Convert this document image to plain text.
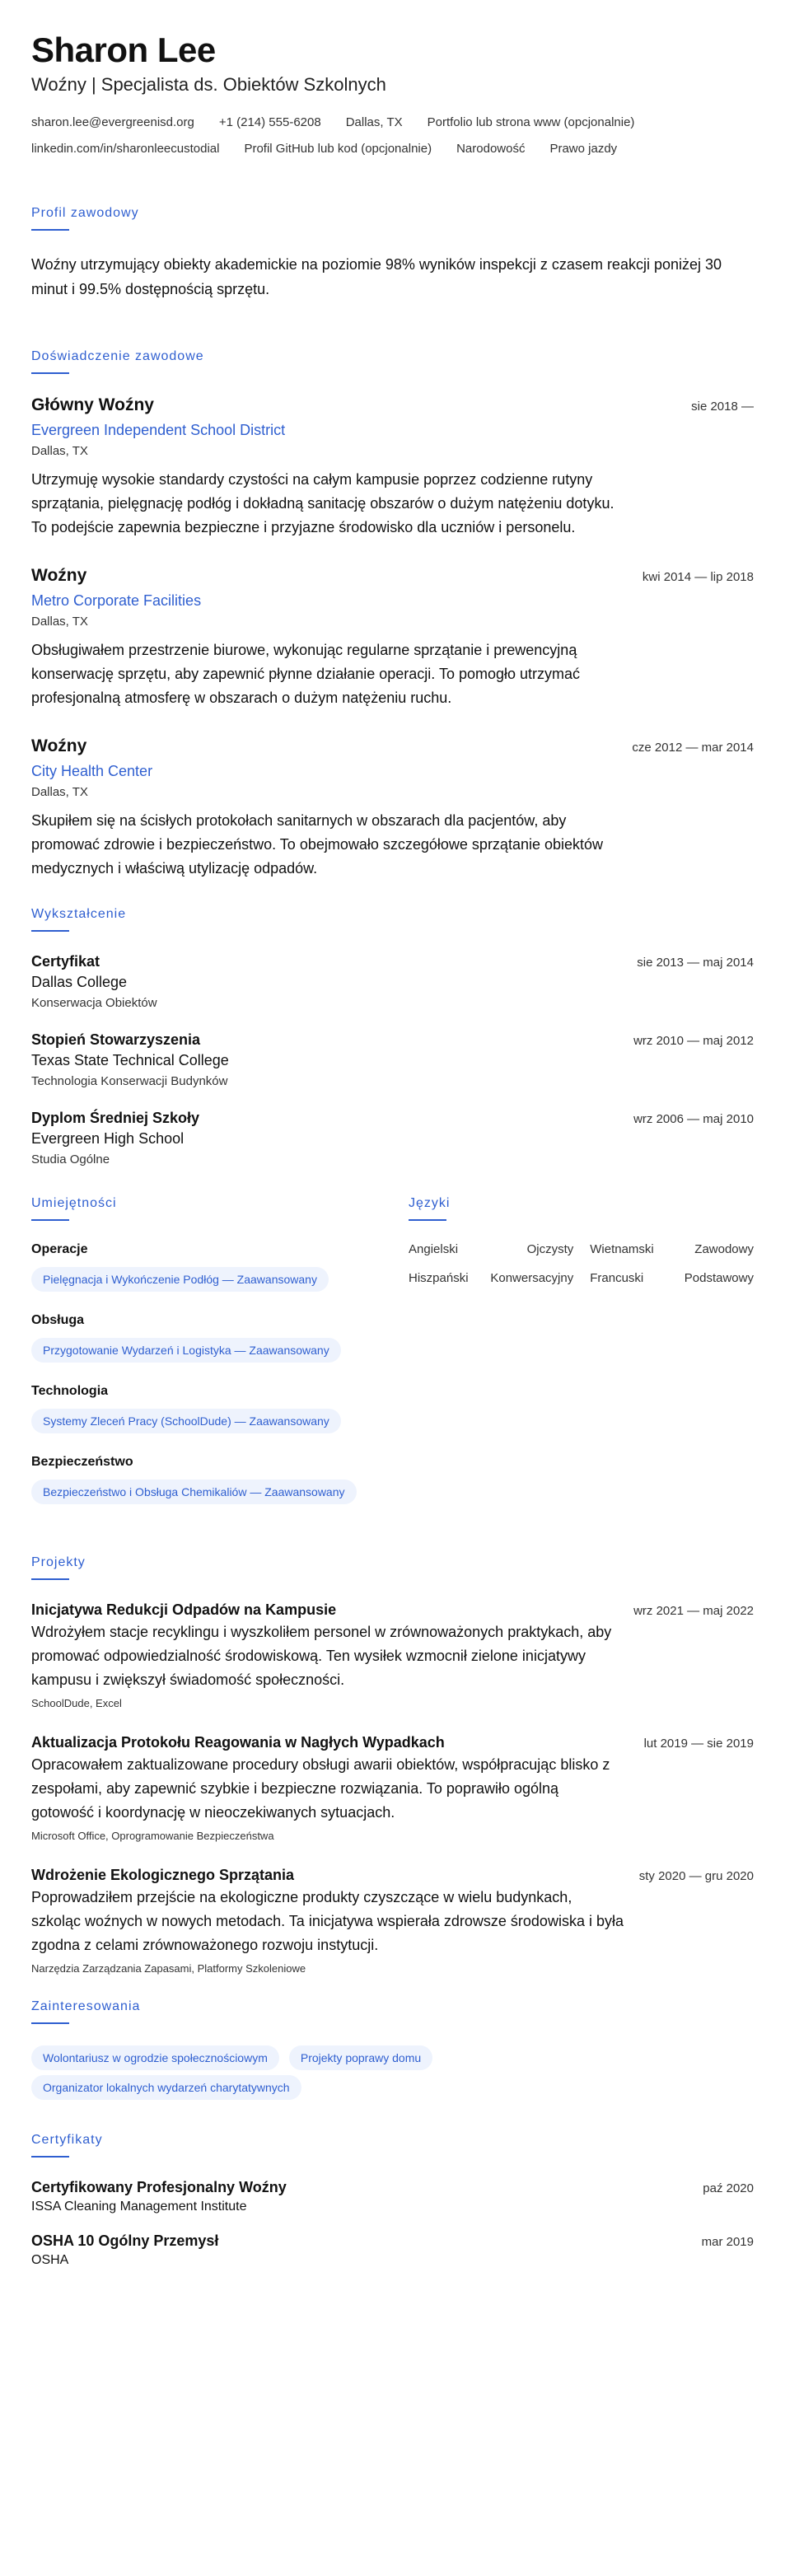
Sharon Lee
Woźny | Specjalista ds. Obiektów Szkolnych
sharon.lee@evergreenisd.org +1 (214) 555-6208 Dallas, TX Portfolio lub strona www (opcjonalnie)
linkedin.com/in/sharonleecustodial Profil GitHub lub kod (opcjonalnie) Narodowość Prawo jazdy
Profil zawodowy

Woźny utrzymujący obiekty akademickie na poziomie 98% wyników inspekcji z czasem reakcji poniżej 30 minut i 99.5% dostępnością sprzętu.

Doświadczenie zawodowe
Główny Woźny	sie 2018 —
Evergreen Independent School District
Dallas, TX

Utrzymuję wysokie standardy czystości na całym kampusie poprzez codzienne rutyny sprzątania, pielęgnację podłóg i dokładną sanitację obszarów o dużym natężeniu dotyku. To podejście zapewnia bezpieczne i przyjazne środowisko dla uczniów i personelu.

Woźny	kwi 2014 — lip 2018
Metro Corporate Facilities
Dallas, TX

Obsługiwałem przestrzenie biurowe, wykonując regularne sprzątanie i prewencyjną konserwację sprzętu, aby zapewnić płynne działanie operacji. To pomogło utrzymać profesjonalną atmosferę w obszarach o dużym natężeniu ruchu.

Woźny	cze 2012 — mar 2014
City Health Center
Dallas, TX

Skupiłem się na ścisłych protokołach sanitarnych w obszarach dla pacjentów, aby promować zdrowie i bezpieczeństwo. To obejmowało szczegółowe sprzątanie obiektów medycznych i właściwą utylizację odpadów.

Wykształcenie
Certyfikat	sie 2013 — maj 2014
Dallas College
Konserwacja Obiektów
Stopień Stowarzyszenia	wrz 2010 — maj 2012
Texas State Technical College
Technologia Konserwacji Budynków
Dyplom Średniej Szkoły	wrz 2006 — maj 2010
Evergreen High School
Studia Ogólne
Umiejętności
Operacje
Pielęgnacja i Wykończenie Podłóg — Zaawansowany
Obsługa
Przygotowanie Wydarzeń i Logistyka — Zaawansowany
Technologia
Systemy Zleceń Pracy (SchoolDude) — Zaawansowany
Bezpieczeństwo
Bezpieczeństwo i Obsługa Chemikaliów — Zaawansowany
Języki
Angielski	Ojczysty	Wietnamski	Zawodowy
Hiszpański	Konwersacyjny	Francuski	Podstawowy
Projekty
Inicjatywa Redukcji Odpadów na Kampusie	wrz 2021 — maj 2022

Wdrożyłem stacje recyklingu i wyszkoliłem personel w zrównoważonych praktykach, aby promować odpowiedzialność środowiskową. Ten wysiłek wzmocnił zielone inicjatywy kampusu i zwiększył świadomość społeczności.

SchoolDude, Excel
Aktualizacja Protokołu Reagowania w Nagłych Wypadkach	lut 2019 — sie 2019

Opracowałem zaktualizowane procedury obsługi awarii obiektów, współpracując blisko z zespołami, aby zapewnić szybkie i bezpieczne rozwiązania. To poprawiło ogólną gotowość i koordynację w nieoczekiwanych sytuacjach.

Microsoft Office, Oprogramowanie Bezpieczeństwa
Wdrożenie Ekologicznego Sprzątania	sty 2020 — gru 2020

Poprowadziłem przejście na ekologiczne produkty czyszczące w wielu budynkach, szkoląc woźnych w nowych metodach. Ta inicjatywa wspierała zdrowsze środowiska i była zgodna z celami zrównoważonego rozwoju instytucji.

Narzędzia Zarządzania Zapasami, Platformy Szkoleniowe
Zainteresowania
Wolontariusz w ogrodzie społecznościowym	Projekty poprawy domu
Organizator lokalnych wydarzeń charytatywnych
Certyfikaty
Certyfikowany Profesjonalny Woźny	paź 2020
ISSA Cleaning Management Institute
OSHA 10 Ogólny Przemysł	mar 2019
OSHA
